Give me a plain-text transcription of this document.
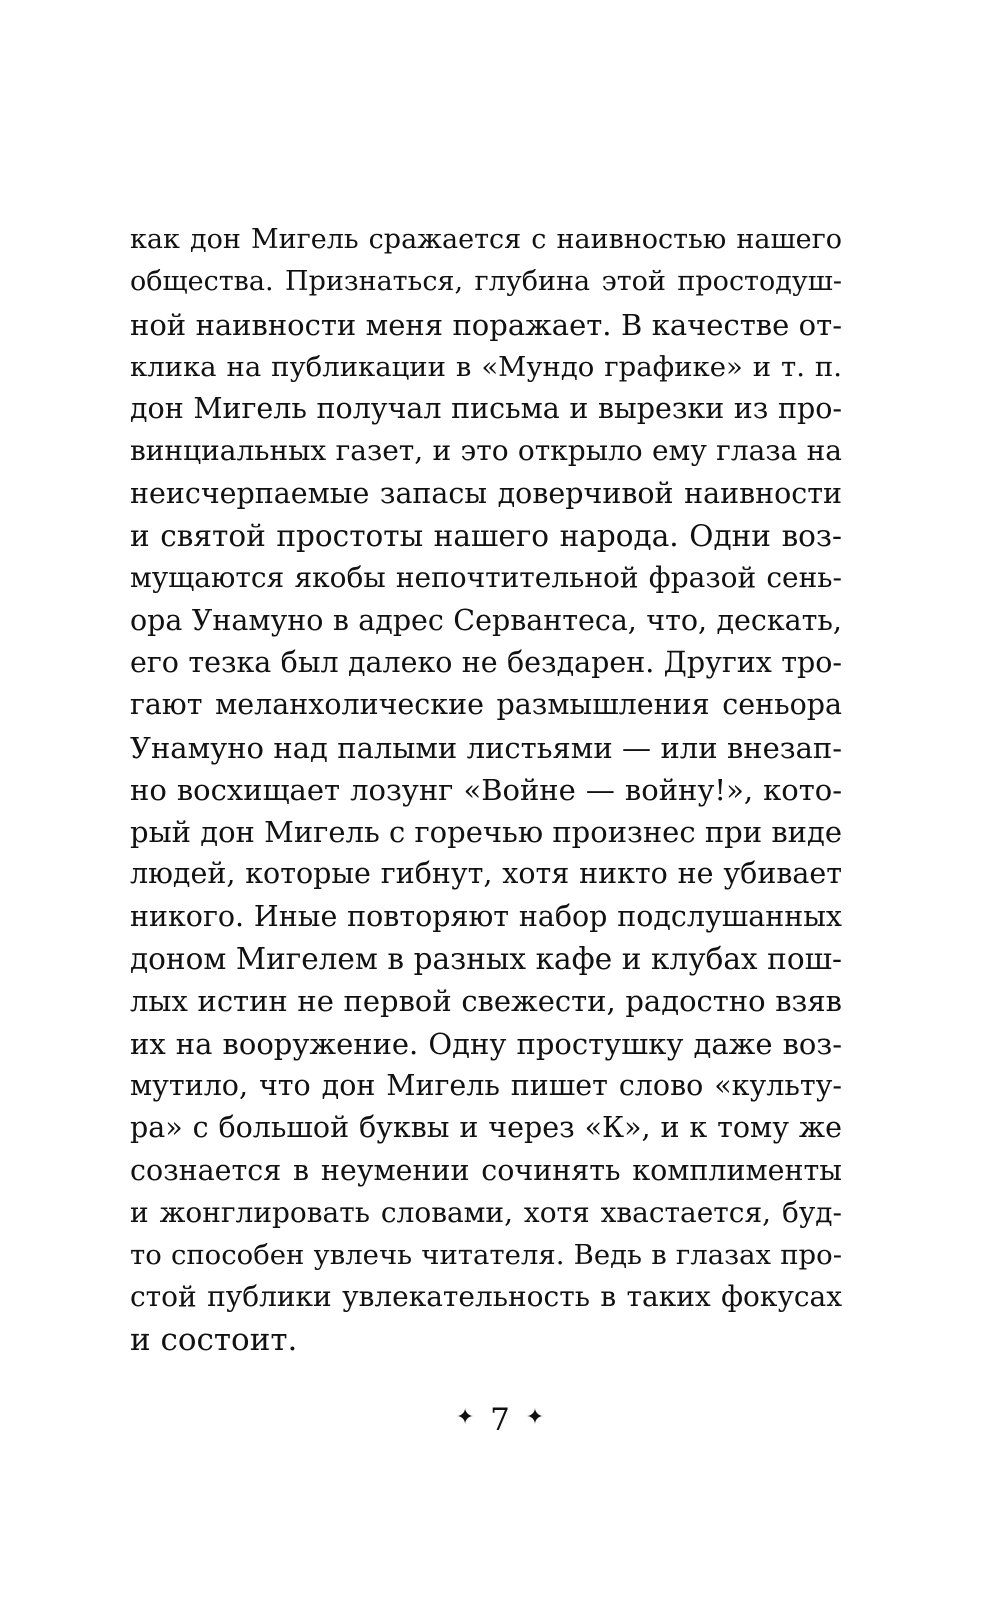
как дон Мигель сражается с наивностью нашего
общества. Признаться, глубина этой простодуш-
ной наивности меня поражает. В качестве от-
клика на публикации в «Мундо графике» и т. п.
дон Мигель получал письма и вырезки из про-
винциальных газет, и это открыло ему глаза на
неисчерпаемые запасы доверчивой наивности
и святой простоты нашего народа. Одни воз-
мущаются якобы непочтительной фразой сень-
ора Унамуно в адрес Сервантеса, что, дескать,
его тезка был далеко не бездарен. Других тро-
гают меланхолические размышления сеньора
Унамуно над палыми листьями — или внезап-
но восхищает лозунг «Войне — войну!», кото-
рый дон Мигель с горечью произнес при виде
людей, которые гибнут, хотя никто не убивает
никого. Иные повторяют набор подслушанных
доном Мигелем в разных кафе и клубах пош-
лых истин не первой свежести, радостно взяв
их на вооружение. Одну простушку даже воз-
мутило, что дон Мигель пишет слово «культу-
ра» с большой буквы и через «К», и к тому же
сознается в неумении сочинять комплименты
и жонглировать словами, хотя хвастается, буд-
то способен увлечь читателя. Ведь в глазах про-
стой публики увлекательность в таких фокусах
и состоит.
✦ 7 ✦
